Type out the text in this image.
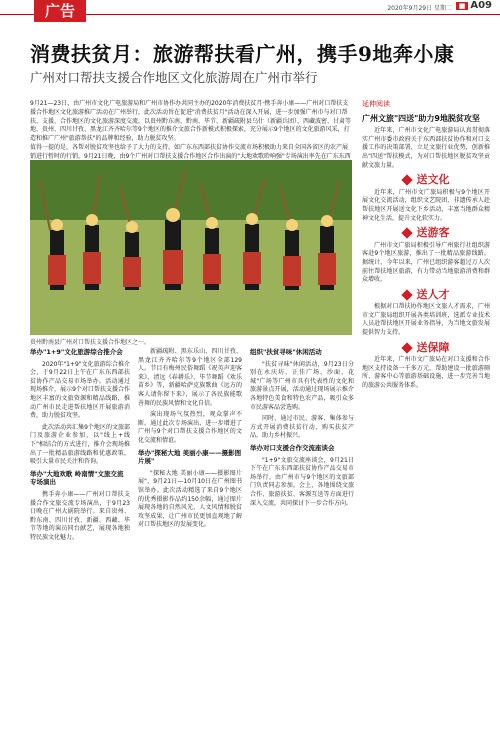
广告	2020年9月29日 星期二 ■ A09
消费扶贫月：旅游帮扶看广州，携手9地奔小康
广州对口帮扶支援合作地区文化旅游周在广州市举行
9月21—23日，由广州市文化广电旅游局和广州市协作办共同主办的2020年消费扶贫月·携手奔小康——广州对口帮扶支援合作地区文化旅游推广活动在广州举行，此次活动旨在促进"消费扶贫月"活动在深入开展，进一步加强广州市与对口帮扶、支援、合作地区的文化旅游深度交流，以贵州黔东南、黔南、毕节、新疆疏附县乌什（新疆兵团）、西藏波密、甘肃等地、贵州、四川甘孜、黑龙江齐齐哈尔等9个地区的推介文旅合作新模式积极探索，充分展示9个地区的文化旅游风采，打造和推广广州"旅游帮扶"的品牌和经验，助力脱贫攻坚。
值得一提的是，各帮对脱贫攻坚也给予了大力的支持。如广东东西部扶贫协作交流市场积极助力来自全国各省区的农产展销进行暂时的行销，9月21日晚，由9个广州对口帮扶支援合作地区合作出演的"大地欢歌聆响强"专场演出率先在广东东西
贵州黔南县广州对口帮扶支援合作地区之一。
举办"1+9"文化旅游综合推介会

2020年"1+9"文化旅游综合推介会，于9月22日上午在广东东西部扶贫协作产品交易市场举办。活动通过现场推介，展示9个对口帮扶支援合作地区丰富的文旅资源和精品线路，推动广州市民走进帮扶地区开展旅游消费，助力脱贫攻坚。

此次活动共汇集9个地区的文旅部门及旅游企业参加，以"线上+线下"相结合的方式进行，推介会现场推出了一批精品旅游线路和优惠政策，吸引大量市民关注和咨询。

举办"大地欢歌 岭南情"文旅交流专场演出

携手奔小康——广州对口帮扶支援合作文旅交流专场演出，于9月23日晚在广州大剧院举行。来自贵州、黔东南、四川甘孜、新疆、西藏、毕节等地的演员同台献艺，展现各地独特民族文化魅力。

新疆疏附、黑东乐山、四川甘孜、黑龙江齐齐哈尔等9个地区全部129人。节目有梅州民俗舞蹈《祝英声迎客来》、清远《春耕乐》、毕节舞蹈《欢乐苗乡》等，新疆哈萨克族歌曲《远方的客人请你留下来》，展示了各民族能歌善舞的民族风情和文化自信。

演出现场气氛热烈，观众掌声不断。通过此次专场演出，进一步增进了广州与9个对口帮扶支援合作地区的文化交流和情谊。

举办"探秘大地 美丽小康——摄影图片展"

"探秘大地 美丽小康——摄影图片展"，9月21日—10月10日在广州图书馆举办。此次活动精选了来自9个地区的优秀摄影作品约150余幅，通过图片展现各地的自然风光、人文风情和脱贫攻坚成果，让广州市民更加直观地了解对口帮扶地区的发展变化。

组织"扶贫寻味"休闲活动

"扶贫寻味"休闲活动，9月23日分别在永庆坊、正佳广场、沙面、花城"广场等广州市具有代表性的文化和旅游景点开展，活动通过现场展示推介各地特色美食和特色农产品，吸引众多市民游客品尝选购。

同时，通过市民、游客、集体参与方式开展消费扶贫行动，购买扶贫产品，助力乡村振兴。

举办对口支援合作交流座谈会

"1+9"文旅交流座谈会，9月21日下午在广东东西部扶贫协作产品交易市场举行。由广州市与9个地区的文旅部门负责同志参加。会上，各地围绕文旅合作、旅游扶贫、客源互送等方面进行深入交流，共同探讨下一步合作方向。

延伸阅读
广州文旅"四送"助力9地脱贫攻坚

近年来，广州市文化广电旅游局认真贯彻落实广州市委市政府关于东西部扶贫协作和对口支援工作的决策部署，立足文旅行业优势，创新推出"四送"帮扶模式，为对口帮扶地区脱贫攻坚贡献文旅力量。

送文化

近年来，广州市文广旅局积极与9个地区开展文化交流活动，组织文艺院团、非遗传承人赴帮扶地区开展送文化下乡活动，丰富当地群众精神文化生活，提升文化软实力。

送游客

广州市文广旅局积极引导广州旅行社组织游客赴9个地区旅游，推出了一批精品旅游线路。据统计，今年以来，广州已组织游客超过万人次前往帮扶地区旅游，有力带动当地旅游消费和群众增收。

送人才

根据对口帮扶协作地区文旅人才需求，广州市文广旅局组织开展各类培训班，选派专业技术人员赴帮扶地区开展业务指导，为当地文旅发展提供智力支持。

送保障

近年来，广州市文广旅局在对口支援和合作地区支持设备一千多万元，帮助建设一批旅游厕所、游客中心等旅游基础设施，进一步完善当地的旅游公共服务体系。
